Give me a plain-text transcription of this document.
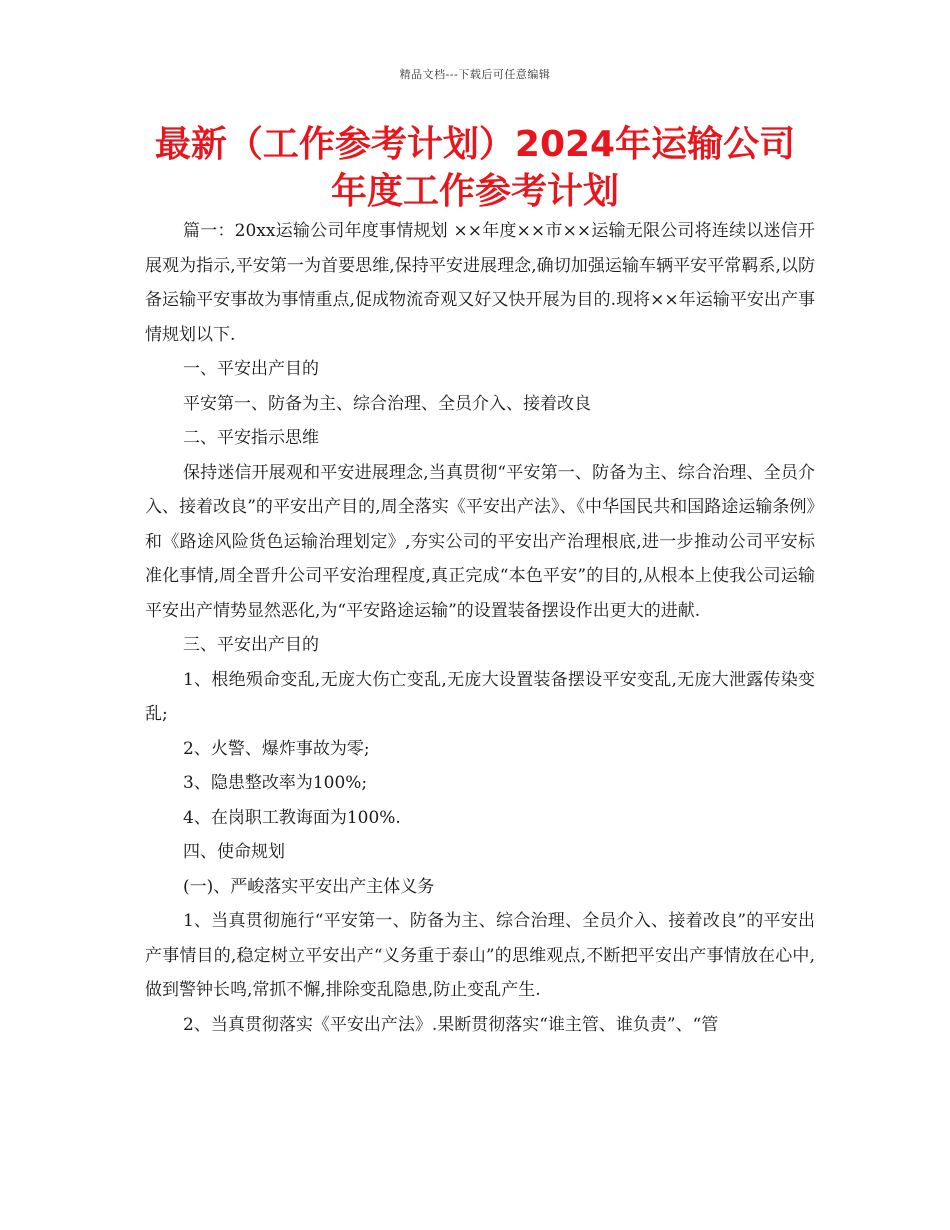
精品文档---下载后可任意编辑
最新（工作参考计划）2024年运输公司
年度工作参考计划

篇一：20xx运输公司年度事情规划 ××年度××市××运输无限公司将连续以迷信开展观为指示,平安第一为首要思维,保持平安进展理念,确切加强运输车辆平安平常羁系,以防备运输平安事故为事情重点,促成物流奇观又好又快开展为目的.现将××年运输平安出产事情规划以下.

一、平安出产目的

平安第一、防备为主、综合治理、全员介入、接着改良

二、平安指示思维

保持迷信开展观和平安进展理念,当真贯彻“平安第一、防备为主、综合治理、全员介入、接着改良”的平安出产目的,周全落实《平安出产法》、《中华国民共和国路途运输条例》和《路途风险货色运输治理划定》,夯实公司的平安出产治理根底,进一步推动公司平安标准化事情,周全晋升公司平安治理程度,真正完成“本色平安”的目的,从根本上使我公司运输平安出产情势显然恶化,为“平安路途运输”的设置装备摆设作出更大的进献.

三、平安出产目的

1、根绝殒命变乱,无庞大伤亡变乱,无庞大设置装备摆设平安变乱,无庞大泄露传染变乱;

2、火警、爆炸事故为零;

3、隐患整改率为100%;

4、在岗职工教诲面为100%.

四、使命规划

(一)、严峻落实平安出产主体义务

1、当真贯彻施行“平安第一、防备为主、综合治理、全员介入、接着改良”的平安出产事情目的,稳定树立平安出产“义务重于泰山”的思维观点,不断把平安出产事情放在心中,做到警钟长鸣,常抓不懈,排除变乱隐患,防止变乱产生.

2、当真贯彻落实《平安出产法》.果断贯彻落实“谁主管、谁负责”、“管
